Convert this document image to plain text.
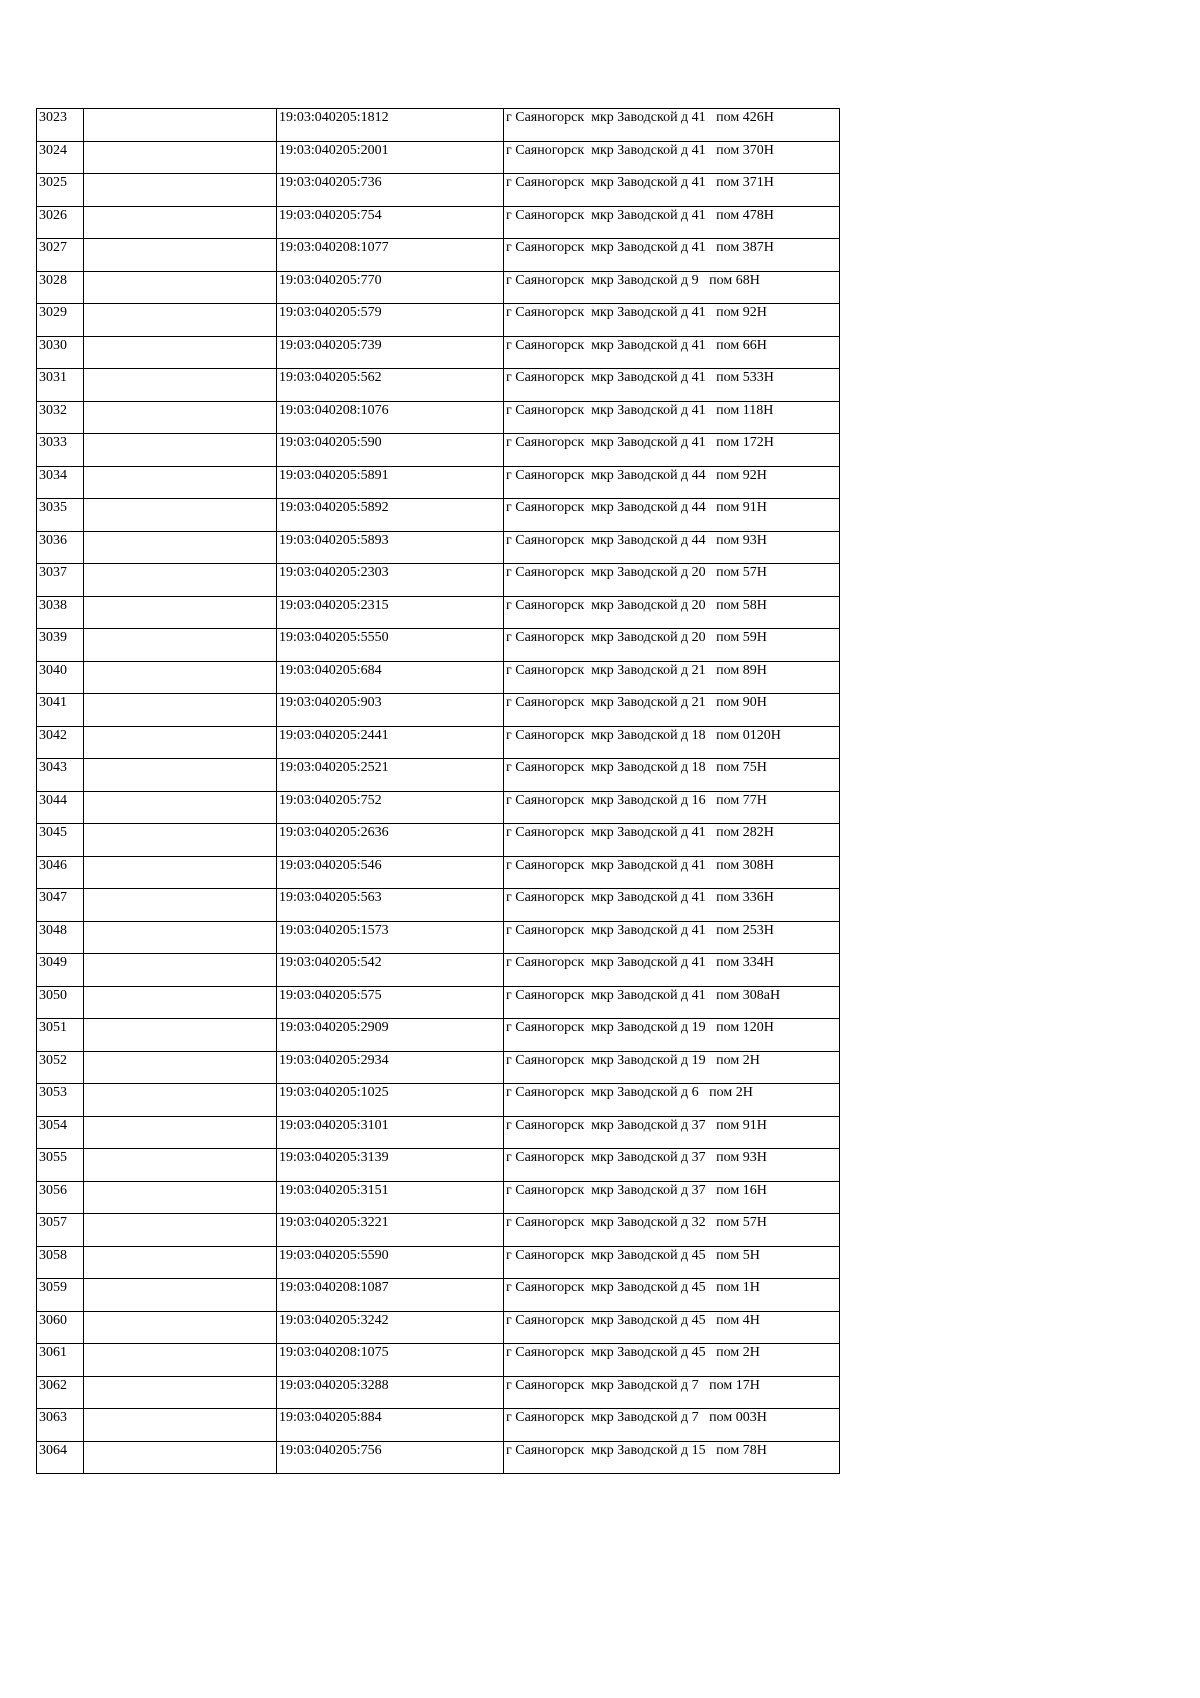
3023		19:03:040205:1812	г Саяногорск  мкр Заводской д 41   пом 426Н
3024		19:03:040205:2001	г Саяногорск  мкр Заводской д 41   пом 370Н
3025		19:03:040205:736	г Саяногорск  мкр Заводской д 41   пом 371Н
3026		19:03:040205:754	г Саяногорск  мкр Заводской д 41   пом 478Н
3027		19:03:040208:1077	г Саяногорск  мкр Заводской д 41   пом 387Н
3028		19:03:040205:770	г Саяногорск  мкр Заводской д 9   пом 68Н
3029		19:03:040205:579	г Саяногорск  мкр Заводской д 41   пом 92Н
3030		19:03:040205:739	г Саяногорск  мкр Заводской д 41   пом 66Н
3031		19:03:040205:562	г Саяногорск  мкр Заводской д 41   пом 533Н
3032		19:03:040208:1076	г Саяногорск  мкр Заводской д 41   пом 118Н
3033		19:03:040205:590	г Саяногорск  мкр Заводской д 41   пом 172Н
3034		19:03:040205:5891	г Саяногорск  мкр Заводской д 44   пом 92Н
3035		19:03:040205:5892	г Саяногорск  мкр Заводской д 44   пом 91Н
3036		19:03:040205:5893	г Саяногорск  мкр Заводской д 44   пом 93Н
3037		19:03:040205:2303	г Саяногорск  мкр Заводской д 20   пом 57Н
3038		19:03:040205:2315	г Саяногорск  мкр Заводской д 20   пом 58Н
3039		19:03:040205:5550	г Саяногорск  мкр Заводской д 20   пом 59Н
3040		19:03:040205:684	г Саяногорск  мкр Заводской д 21   пом 89Н
3041		19:03:040205:903	г Саяногорск  мкр Заводской д 21   пом 90Н
3042		19:03:040205:2441	г Саяногорск  мкр Заводской д 18   пом 0120Н
3043		19:03:040205:2521	г Саяногорск  мкр Заводской д 18   пом 75Н
3044		19:03:040205:752	г Саяногорск  мкр Заводской д 16   пом 77Н
3045		19:03:040205:2636	г Саяногорск  мкр Заводской д 41   пом 282Н
3046		19:03:040205:546	г Саяногорск  мкр Заводской д 41   пом 308Н
3047		19:03:040205:563	г Саяногорск  мкр Заводской д 41   пом 336Н
3048		19:03:040205:1573	г Саяногорск  мкр Заводской д 41   пом 253Н
3049		19:03:040205:542	г Саяногорск  мкр Заводской д 41   пом 334Н
3050		19:03:040205:575	г Саяногорск  мкр Заводской д 41   пом 308аН
3051		19:03:040205:2909	г Саяногорск  мкр Заводской д 19   пом 120Н
3052		19:03:040205:2934	г Саяногорск  мкр Заводской д 19   пом 2Н
3053		19:03:040205:1025	г Саяногорск  мкр Заводской д 6   пом 2Н
3054		19:03:040205:3101	г Саяногорск  мкр Заводской д 37   пом 91Н
3055		19:03:040205:3139	г Саяногорск  мкр Заводской д 37   пом 93Н
3056		19:03:040205:3151	г Саяногорск  мкр Заводской д 37   пом 16Н
3057		19:03:040205:3221	г Саяногорск  мкр Заводской д 32   пом 57Н
3058		19:03:040205:5590	г Саяногорск  мкр Заводской д 45   пом 5Н
3059		19:03:040208:1087	г Саяногорск  мкр Заводской д 45   пом 1Н
3060		19:03:040205:3242	г Саяногорск  мкр Заводской д 45   пом 4Н
3061		19:03:040208:1075	г Саяногорск  мкр Заводской д 45   пом 2Н
3062		19:03:040205:3288	г Саяногорск  мкр Заводской д 7   пом 17Н
3063		19:03:040205:884	г Саяногорск  мкр Заводской д 7   пом 003Н
3064		19:03:040205:756	г Саяногорск  мкр Заводской д 15   пом 78Н
